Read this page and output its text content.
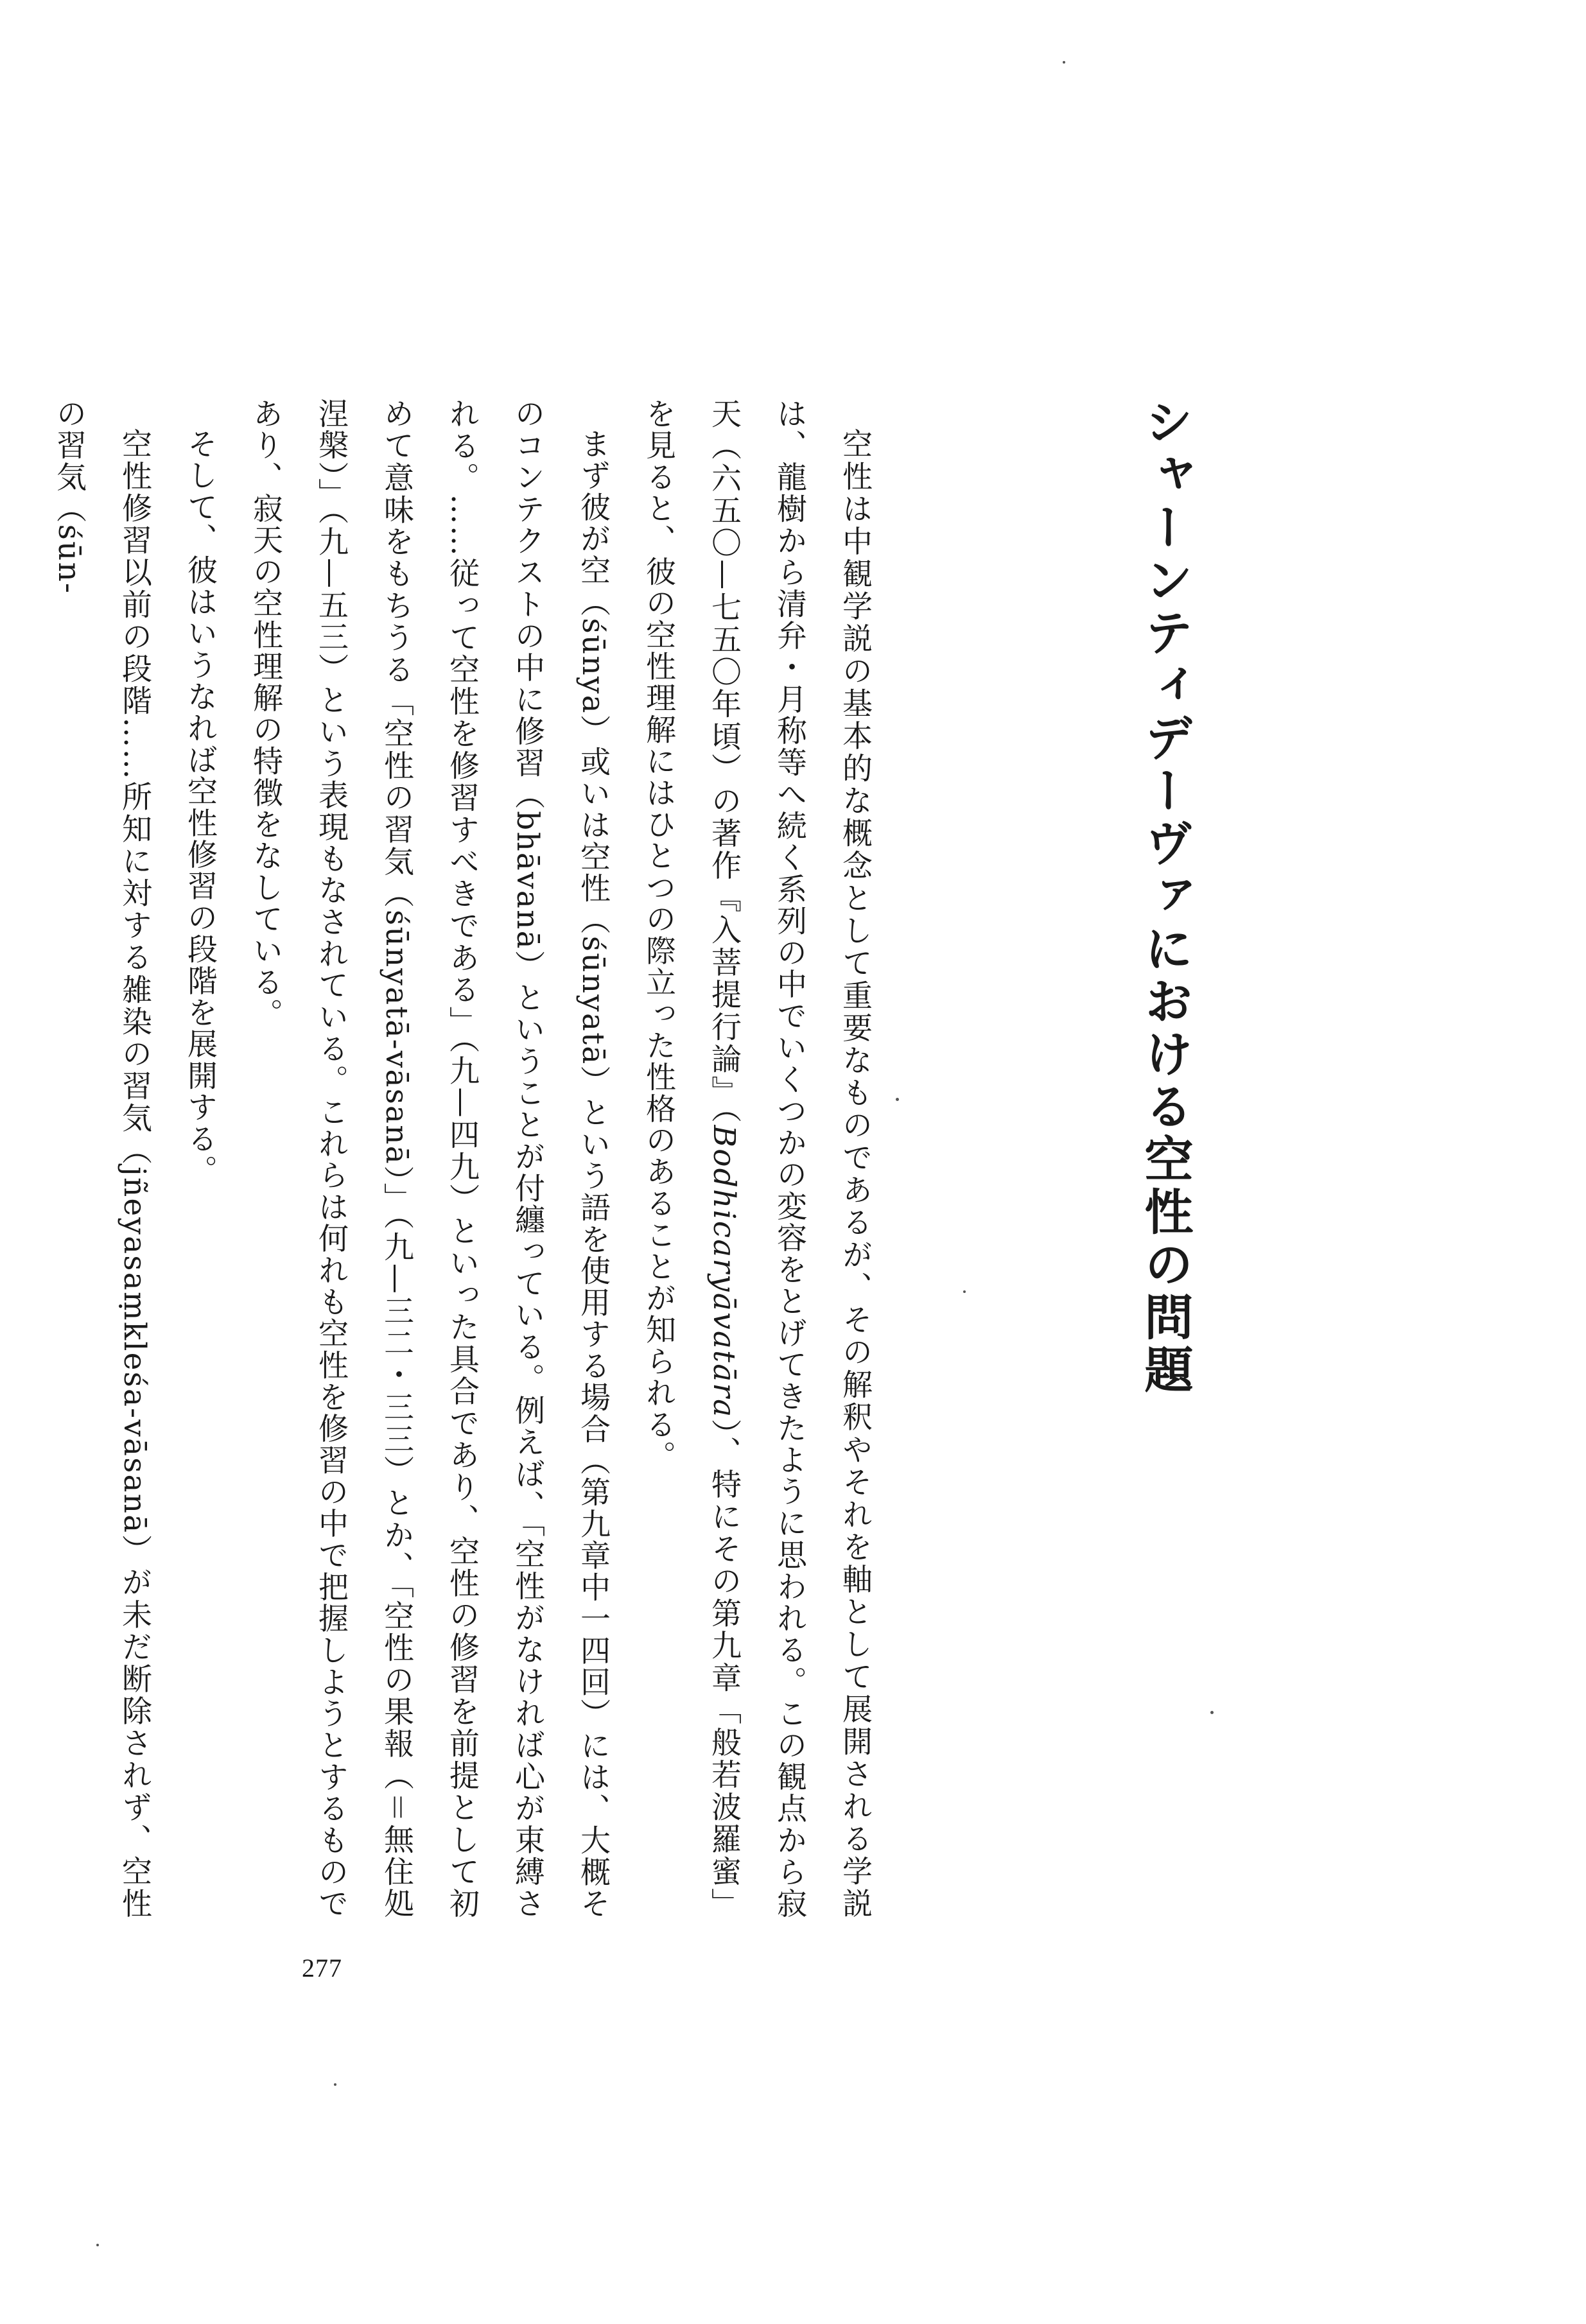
シャーンティデーヴァにおける空性の問題

空性は中観学説の基本的な概念として重要なものであるが、その解釈やそれを軸として展開される学説は、龍樹から清弁・月称等へ続く系列の中でいくつかの変容をとげてきたように思われる。この観点から寂天（六五〇—七五〇年頃）の著作『入菩提行論』（Bodhicaryāvatāra）、特にその第九章「般若波羅蜜」を見ると、彼の空性理解にはひとつの際立った性格のあることが知られる。

まず彼が空（śūnya）或いは空性（śūnyatā）という語を使用する場合（第九章中一四回）には、大概そのコンテクストの中に修習（bhāvanā）ということが付纏っている。例えば、「空性がなければ心が束縛される。……従って空性を修習すべきである」（九—四九）といった具合であり、空性の修習を前提として初めて意味をもちうる「空性の習気（śūnyatā-vāsanā）」（九—三二・三三）とか、「空性の果報（＝無住処涅槃）」（九—五三）という表現もなされている。これらは何れも空性を修習の中で把握しようとするものであり、寂天の空性理解の特徴をなしている。

そして、彼はいうなれば空性修習の段階を展開する。

空性修習以前の段階……所知に対する雑染の習気（jñeyasaṃkleśa-vāsanā）が未だ断除されず、空性の習気（śūn-

277
